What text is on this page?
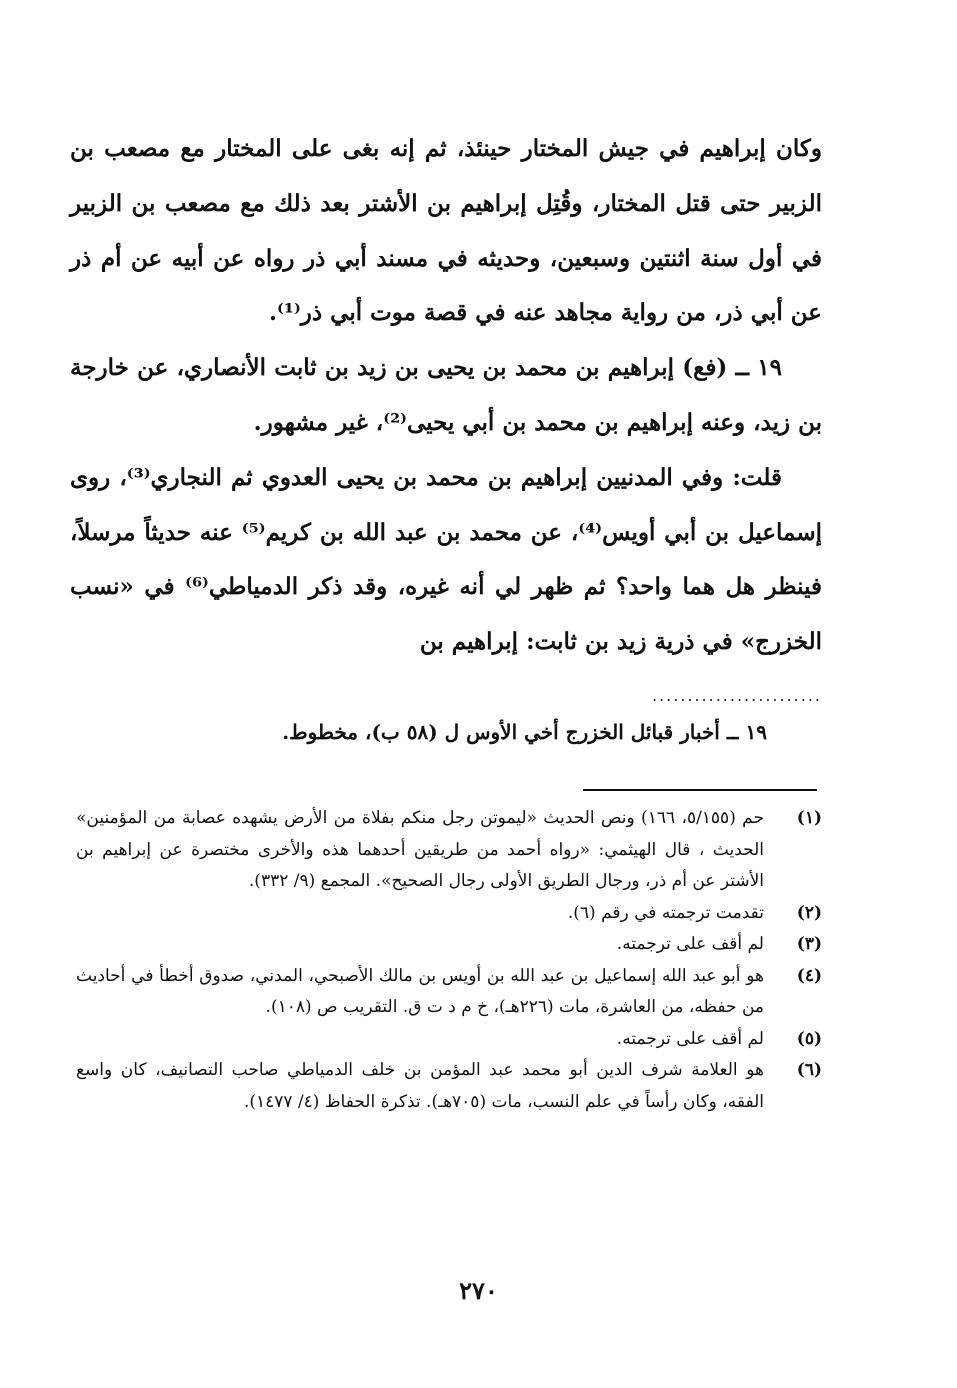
وكان إبراهيم في جيش المختار حينئذ، ثم إنه بغى على المختار مع مصعب بن الزبير حتى قتل المختار، وقُتِل إبراهيم بن الأشتر بعد ذلك مع مصعب بن الزبير في أول سنة اثنتين وسبعين، وحديثه في مسند أبي ذر رواه عن أبيه عن أم ذر عن أبي ذر، من رواية مجاهد عنه في قصة موت أبي ذر⁽¹⁾.

١٩ ــ (فع) إبراهيم بن محمد بن يحيى بن زيد بن ثابت الأنصاري، عن خارجة بن زيد، وعنه إبراهيم بن محمد بن أبي يحيى⁽²⁾، غير مشهور.

قلت: وفي المدنيين إبراهيم بن محمد بن يحيى العدوي ثم النجاري⁽³⁾، روى إسماعيل بن أبي أويس⁽⁴⁾، عن محمد بن عبد الله بن كريم⁽⁵⁾ عنه حديثاً مرسلاً، فينظر هل هما واحد؟ ثم ظهر لي أنه غيره، وقد ذكر الدمياطي⁽⁶⁾ في «نسب الخزرج» في ذرية زيد بن ثابت: إبراهيم بن

........................
١٩ ــ أخبار قبائل الخزرج أخي الأوس ل (٥٨ ب)، مخطوط.
(١)
حم (٥/١٥٥، ١٦٦) ونص الحديث «ليموتن رجل منكم بفلاة من الأرض يشهده عصابة من المؤمنين» الحديث ، قال الهيثمي: «رواه أحمد من طريقين أحدهما هذه والأخرى مختصرة عن إبراهيم بن الأشتر عن أم ذر، ورجال الطريق الأولى رجال الصحيح». المجمع (٩/ ٣٣٢).
(٢)
تقدمت ترجمته في رقم (٦).
(٣)
لم أقف على ترجمته.
(٤)
هو أبو عبد الله إسماعيل بن عبد الله بن أويس بن مالك الأصبحي، المدني، صدوق أخطأ في أحاديث من حفظه، من العاشرة، مات (٢٢٦هـ)، خ م د ت ق. التقريب ص (١٠٨).
(٥)
لم أقف على ترجمته.
(٦)
هو العلامة شرف الدين أبو محمد عبد المؤمن بن خلف الدمياطي صاحب التصانيف، كان واسع الفقه، وكان رأساً في علم النسب، مات (٧٠٥هـ). تذكرة الحفاظ (٤/ ١٤٧٧).
٢٧٠
